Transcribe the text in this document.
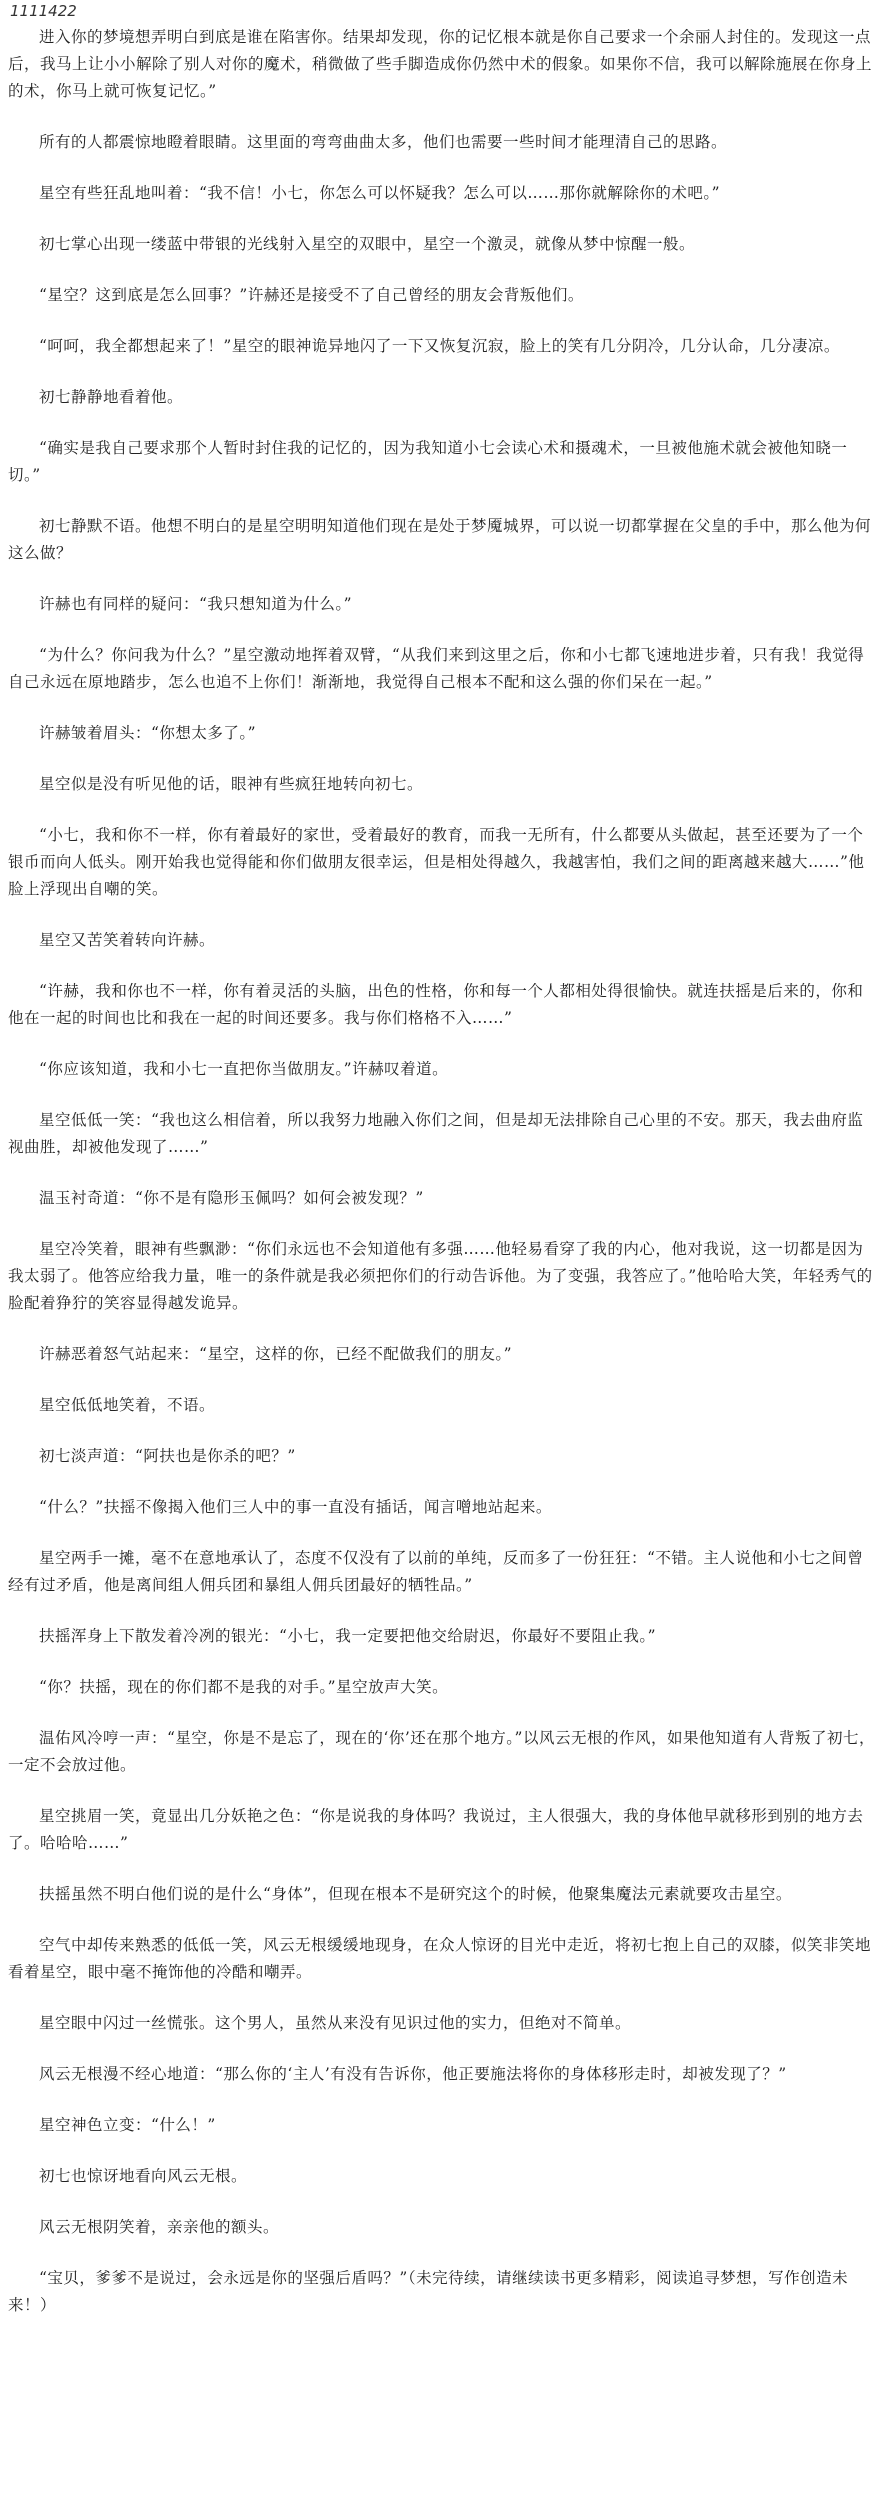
1111422

进入你的梦境想弄明白到底是谁在陷害你。结果却发现，你的记忆根本就是你自己要求一个余丽人封住的。发现这一点后，我马上让小小解除了别人对你的魔术，稍微做了些手脚造成你仍然中术的假象。如果你不信，我可以解除施展在你身上的术，你马上就可恢复记忆。”

所有的人都震惊地瞪着眼睛。这里面的弯弯曲曲太多，他们也需要一些时间才能理清自己的思路。

星空有些狂乱地叫着：“我不信！小七，你怎么可以怀疑我？怎么可以……那你就解除你的术吧。”

初七掌心出现一缕蓝中带银的光线射入星空的双眼中，星空一个激灵，就像从梦中惊醒一般。

“星空？这到底是怎么回事？”许赫还是接受不了自己曾经的朋友会背叛他们。

“呵呵，我全都想起来了！”星空的眼神诡异地闪了一下又恢复沉寂，脸上的笑有几分阴冷，几分认命，几分凄凉。

初七静静地看着他。

“确实是我自己要求那个人暂时封住我的记忆的，因为我知道小七会读心术和摄魂术，一旦被他施术就会被他知晓一切。”

初七静默不语。他想不明白的是星空明明知道他们现在是处于梦魇城界，可以说一切都掌握在父皇的手中，那么他为何这么做？

许赫也有同样的疑问：“我只想知道为什么。”

“为什么？你问我为什么？”星空激动地挥着双臂，“从我们来到这里之后，你和小七都飞速地进步着，只有我！我觉得自己永远在原地踏步，怎么也追不上你们！渐渐地，我觉得自己根本不配和这么强的你们呆在一起。”

许赫皱着眉头：“你想太多了。”

星空似是没有听见他的话，眼神有些疯狂地转向初七。

“小七，我和你不一样，你有着最好的家世，受着最好的教育，而我一无所有，什么都要从头做起，甚至还要为了一个银币而向人低头。刚开始我也觉得能和你们做朋友很幸运，但是相处得越久，我越害怕，我们之间的距离越来越大……”他脸上浮现出自嘲的笑。

星空又苦笑着转向许赫。

“许赫，我和你也不一样，你有着灵活的头脑，出色的性格，你和每一个人都相处得很愉快。就连扶摇是后来的，你和他在一起的时间也比和我在一起的时间还要多。我与你们格格不入……”

“你应该知道，我和小七一直把你当做朋友。”许赫叹着道。

星空低低一笑：“我也这么相信着，所以我努力地融入你们之间，但是却无法排除自己心里的不安。那天，我去曲府监视曲胜，却被他发现了……”

温玉衬奇道：“你不是有隐形玉佩吗？如何会被发现？”

星空冷笑着，眼神有些飘渺：“你们永远也不会知道他有多强……他轻易看穿了我的内心，他对我说，这一切都是因为我太弱了。他答应给我力量，唯一的条件就是我必须把你们的行动告诉他。为了变强，我答应了。”他哈哈大笑，年轻秀气的脸配着狰狞的笑容显得越发诡异。

许赫恶着怒气站起来：“星空，这样的你，已经不配做我们的朋友。”

星空低低地笑着，不语。

初七淡声道：“阿扶也是你杀的吧？”

“什么？”扶摇不像揭入他们三人中的事一直没有插话，闻言噌地站起来。

星空两手一摊，毫不在意地承认了，态度不仅没有了以前的单纯，反而多了一份狂狂：“不错。主人说他和小七之间曾经有过矛盾，他是离间组人佣兵团和暴组人佣兵团最好的牺牲品。”

扶摇浑身上下散发着冷冽的银光：“小七，我一定要把他交给尉迟，你最好不要阻止我。”

“你？扶摇，现在的你们都不是我的对手。”星空放声大笑。

温佑风冷哼一声：“星空，你是不是忘了，现在的‘你’还在那个地方。”以风云无根的作风，如果他知道有人背叛了初七，一定不会放过他。

星空挑眉一笑，竟显出几分妖艳之色：“你是说我的身体吗？我说过，主人很强大，我的身体他早就移形到别的地方去了。哈哈哈……”

扶摇虽然不明白他们说的是什么“身体”，但现在根本不是研究这个的时候，他聚集魔法元素就要攻击星空。

空气中却传来熟悉的低低一笑，风云无根缓缓地现身，在众人惊讶的目光中走近，将初七抱上自己的双膝，似笑非笑地看着星空，眼中毫不掩饰他的冷酷和嘲弄。

星空眼中闪过一丝慌张。这个男人，虽然从来没有见识过他的实力，但绝对不简单。

风云无根漫不经心地道：“那么你的‘主人’有没有告诉你，他正要施法将你的身体移形走时，却被发现了？”

星空神色立变：“什么！”

初七也惊讶地看向风云无根。

风云无根阴笑着，亲亲他的额头。

“宝贝，爹爹不是说过，会永远是你的坚强后盾吗？”（未完待续，请继续读书更多精彩，阅读追寻梦想，写作创造未来！）
